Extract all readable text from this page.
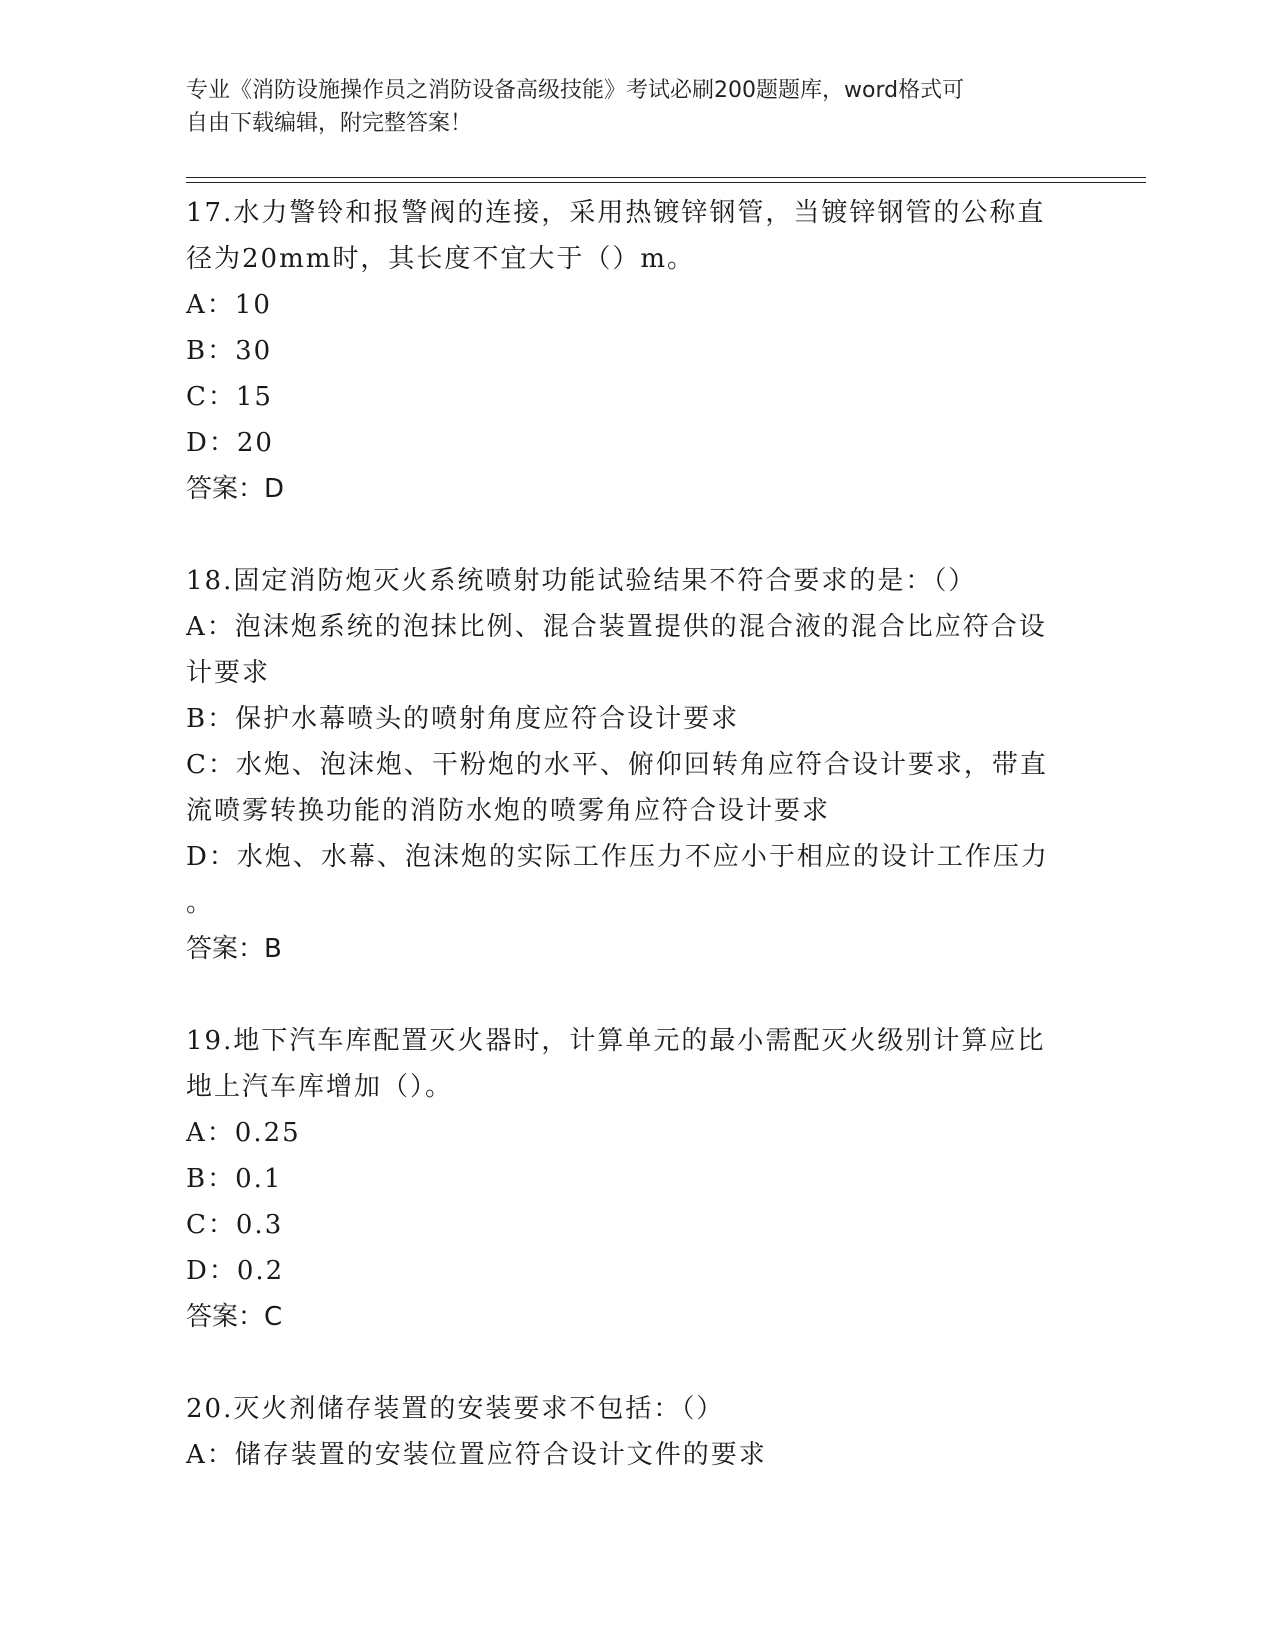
专业《消防设施操作员之消防设备高级技能》考试必刷200题题库，word格式可
自由下载编辑，附完整答案！
17.水力警铃和报警阀的连接，采用热镀锌钢管，当镀锌钢管的公称直
径为20mm时，其长度不宜大于（）m。
A：10
B：30
C：15
D：20
答案：D
18.固定消防炮灭火系统喷射功能试验结果不符合要求的是：（）
A：泡沫炮系统的泡抹比例、混合装置提供的混合液的混合比应符合设
计要求
B：保护水幕喷头的喷射角度应符合设计要求
C：水炮、泡沫炮、干粉炮的水平、俯仰回转角应符合设计要求，带直
流喷雾转换功能的消防水炮的喷雾角应符合设计要求
D：水炮、水幕、泡沫炮的实际工作压力不应小于相应的设计工作压力
。
答案：B
19.地下汽车库配置灭火器时，计算单元的最小需配灭火级别计算应比
地上汽车库增加（）。
A：0.25
B：0.1
C：0.3
D：0.2
答案：C
20.灭火剂储存装置的安装要求不包括：（）
A：储存装置的安装位置应符合设计文件的要求
